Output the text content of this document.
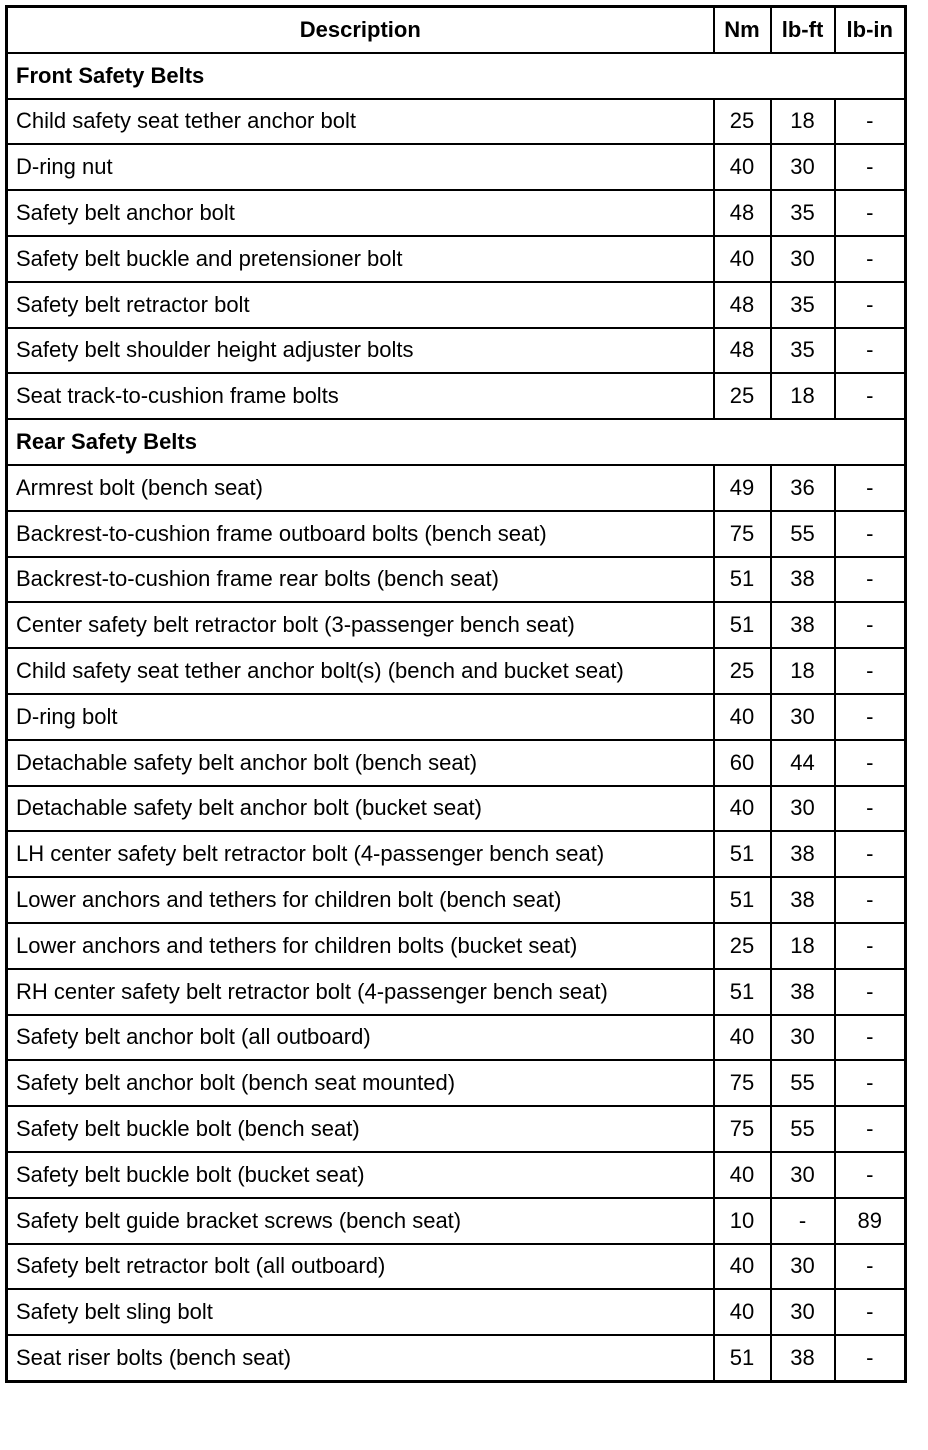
Description	Nm	lb-ft	lb-in
Front Safety Belts			
Child safety seat tether anchor bolt	25	18	-
D-ring nut	40	30	-
Safety belt anchor bolt	48	35	-
Safety belt buckle and pretensioner bolt	40	30	-
Safety belt retractor bolt	48	35	-
Safety belt shoulder height adjuster bolts	48	35	-
Seat track-to-cushion frame bolts	25	18	-
Rear Safety Belts			
Armrest bolt (bench seat)	49	36	-
Backrest-to-cushion frame outboard bolts (bench seat)	75	55	-
Backrest-to-cushion frame rear bolts (bench seat)	51	38	-
Center safety belt retractor bolt (3-passenger bench seat)	51	38	-
Child safety seat tether anchor bolt(s) (bench and bucket seat)	25	18	-
D-ring bolt	40	30	-
Detachable safety belt anchor bolt (bench seat)	60	44	-
Detachable safety belt anchor bolt (bucket seat)	40	30	-
LH center safety belt retractor bolt (4-passenger bench seat)	51	38	-
Lower anchors and tethers for children bolt (bench seat)	51	38	-
Lower anchors and tethers for children bolts (bucket seat)	25	18	-
RH center safety belt retractor bolt (4-passenger bench seat)	51	38	-
Safety belt anchor bolt (all outboard)	40	30	-
Safety belt anchor bolt (bench seat mounted)	75	55	-
Safety belt buckle bolt (bench seat)	75	55	-
Safety belt buckle bolt (bucket seat)	40	30	-
Safety belt guide bracket screws (bench seat)	10	-	89
Safety belt retractor bolt (all outboard)	40	30	-
Safety belt sling bolt	40	30	-
Seat riser bolts (bench seat)	51	38	-
